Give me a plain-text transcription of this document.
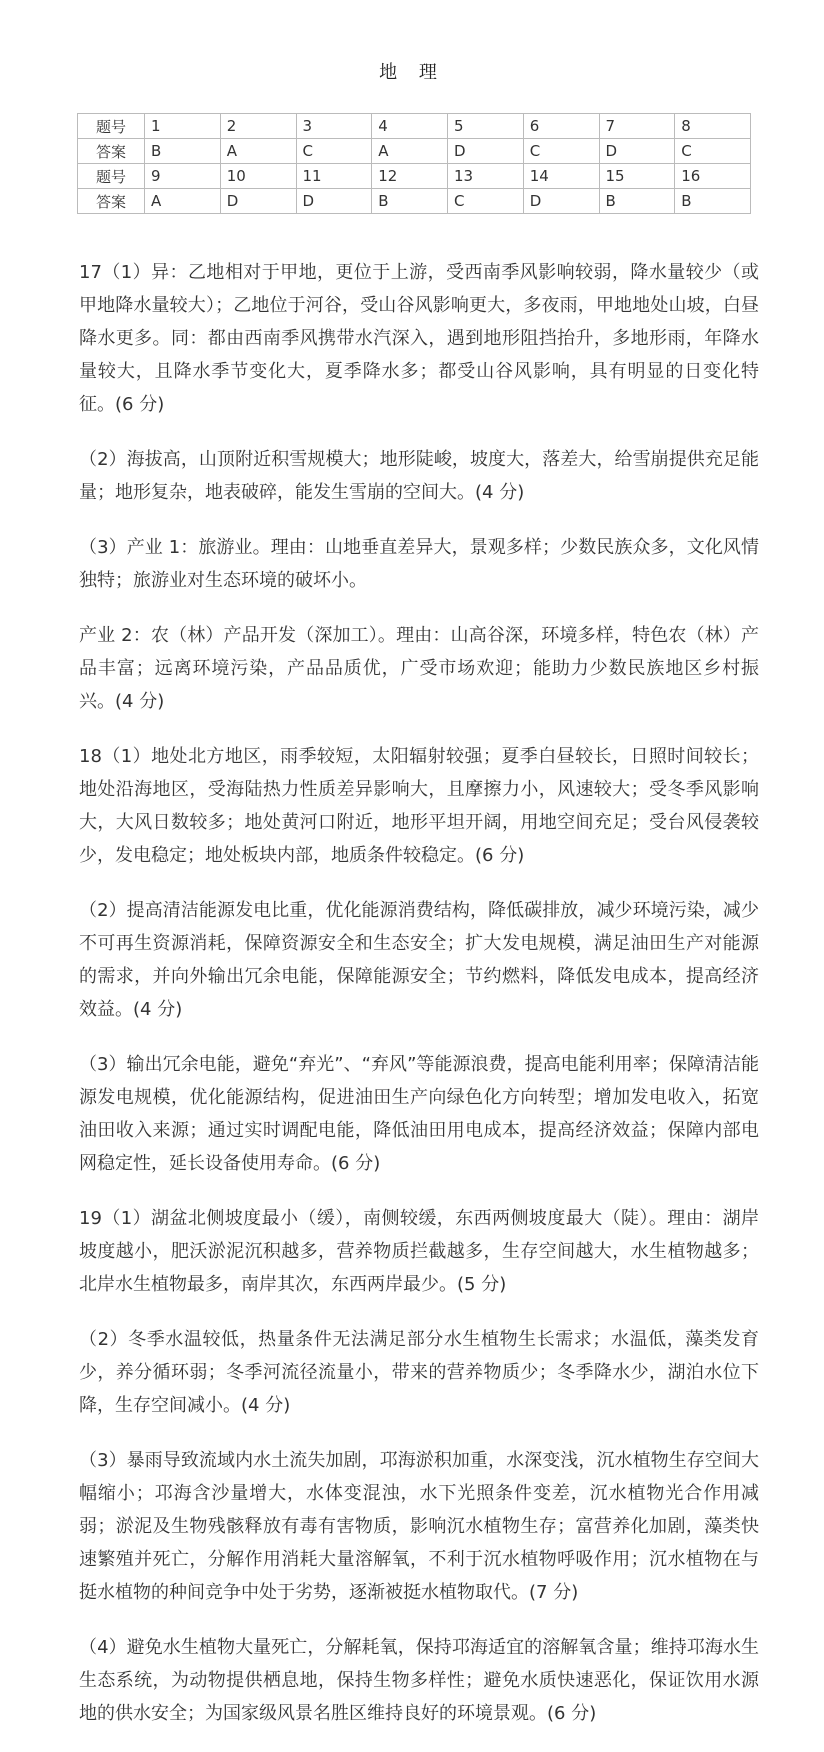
地 理
题号	1	2	3	4	5	6	7	8
答案	B	A	C	A	D	C	D	C
题号	9	10	11	12	13	14	15	16
答案	A	D	D	B	C	D	B	B

17（1）异：乙地相对于甲地，更位于上游，受西南季风影响较弱，降水量较少（或甲地降水量较大）；乙地位于河谷，受山谷风影响更大，多夜雨，甲地地处山坡，白昼降水更多。同：都由西南季风携带水汽深入，遇到地形阻挡抬升，多地形雨，年降水量较大，且降水季节变化大，夏季降水多；都受山谷风影响，具有明显的日变化特征。(6 分)

（2）海拔高，山顶附近积雪规模大；地形陡峻，坡度大，落差大，给雪崩提供充足能量；地形复杂，地表破碎，能发生雪崩的空间大。(4 分)

（3）产业 1：旅游业。理由：山地垂直差异大，景观多样；少数民族众多，文化风情独特；旅游业对生态环境的破坏小。

产业 2：农（林）产品开发（深加工）。理由：山高谷深，环境多样，特色农（林）产品丰富；远离环境污染，产品品质优，广受市场欢迎；能助力少数民族地区乡村振兴。(4 分)

18（1）地处北方地区，雨季较短，太阳辐射较强；夏季白昼较长，日照时间较长；地处沿海地区，受海陆热力性质差异影响大，且摩擦力小，风速较大；受冬季风影响大，大风日数较多；地处黄河口附近，地形平坦开阔，用地空间充足；受台风侵袭较少，发电稳定；地处板块内部，地质条件较稳定。(6 分)

（2）提高清洁能源发电比重，优化能源消费结构，降低碳排放，减少环境污染，减少不可再生资源消耗，保障资源安全和生态安全；扩大发电规模，满足油田生产对能源的需求，并向外输出冗余电能，保障能源安全；节约燃料，降低发电成本，提高经济效益。(4 分)

（3）输出冗余电能，避免“弃光”、“弃风”等能源浪费，提高电能利用率；保障清洁能源发电规模，优化能源结构，促进油田生产向绿色化方向转型；增加发电收入，拓宽油田收入来源；通过实时调配电能，降低油田用电成本，提高经济效益；保障内部电网稳定性，延长设备使用寿命。(6 分)

19（1）湖盆北侧坡度最小（缓），南侧较缓，东西两侧坡度最大（陡）。理由：湖岸坡度越小，肥沃淤泥沉积越多，营养物质拦截越多，生存空间越大，水生植物越多；北岸水生植物最多，南岸其次，东西两岸最少。(5 分)

（2）冬季水温较低，热量条件无法满足部分水生植物生长需求；水温低，藻类发育少，养分循环弱；冬季河流径流量小，带来的营养物质少；冬季降水少，湖泊水位下降，生存空间减小。(4 分)

（3）暴雨导致流域内水土流失加剧，邛海淤积加重，水深变浅，沉水植物生存空间大幅缩小；邛海含沙量增大，水体变混浊，水下光照条件变差，沉水植物光合作用减弱；淤泥及生物残骸释放有毒有害物质，影响沉水植物生存；富营养化加剧，藻类快速繁殖并死亡，分解作用消耗大量溶解氧，不利于沉水植物呼吸作用；沉水植物在与挺水植物的种间竞争中处于劣势，逐渐被挺水植物取代。(7 分)

（4）避免水生植物大量死亡，分解耗氧，保持邛海适宜的溶解氧含量；维持邛海水生生态系统，为动物提供栖息地，保持生物多样性；避免水质快速恶化，保证饮用水源地的供水安全；为国家级风景名胜区维持良好的环境景观。(6 分)
